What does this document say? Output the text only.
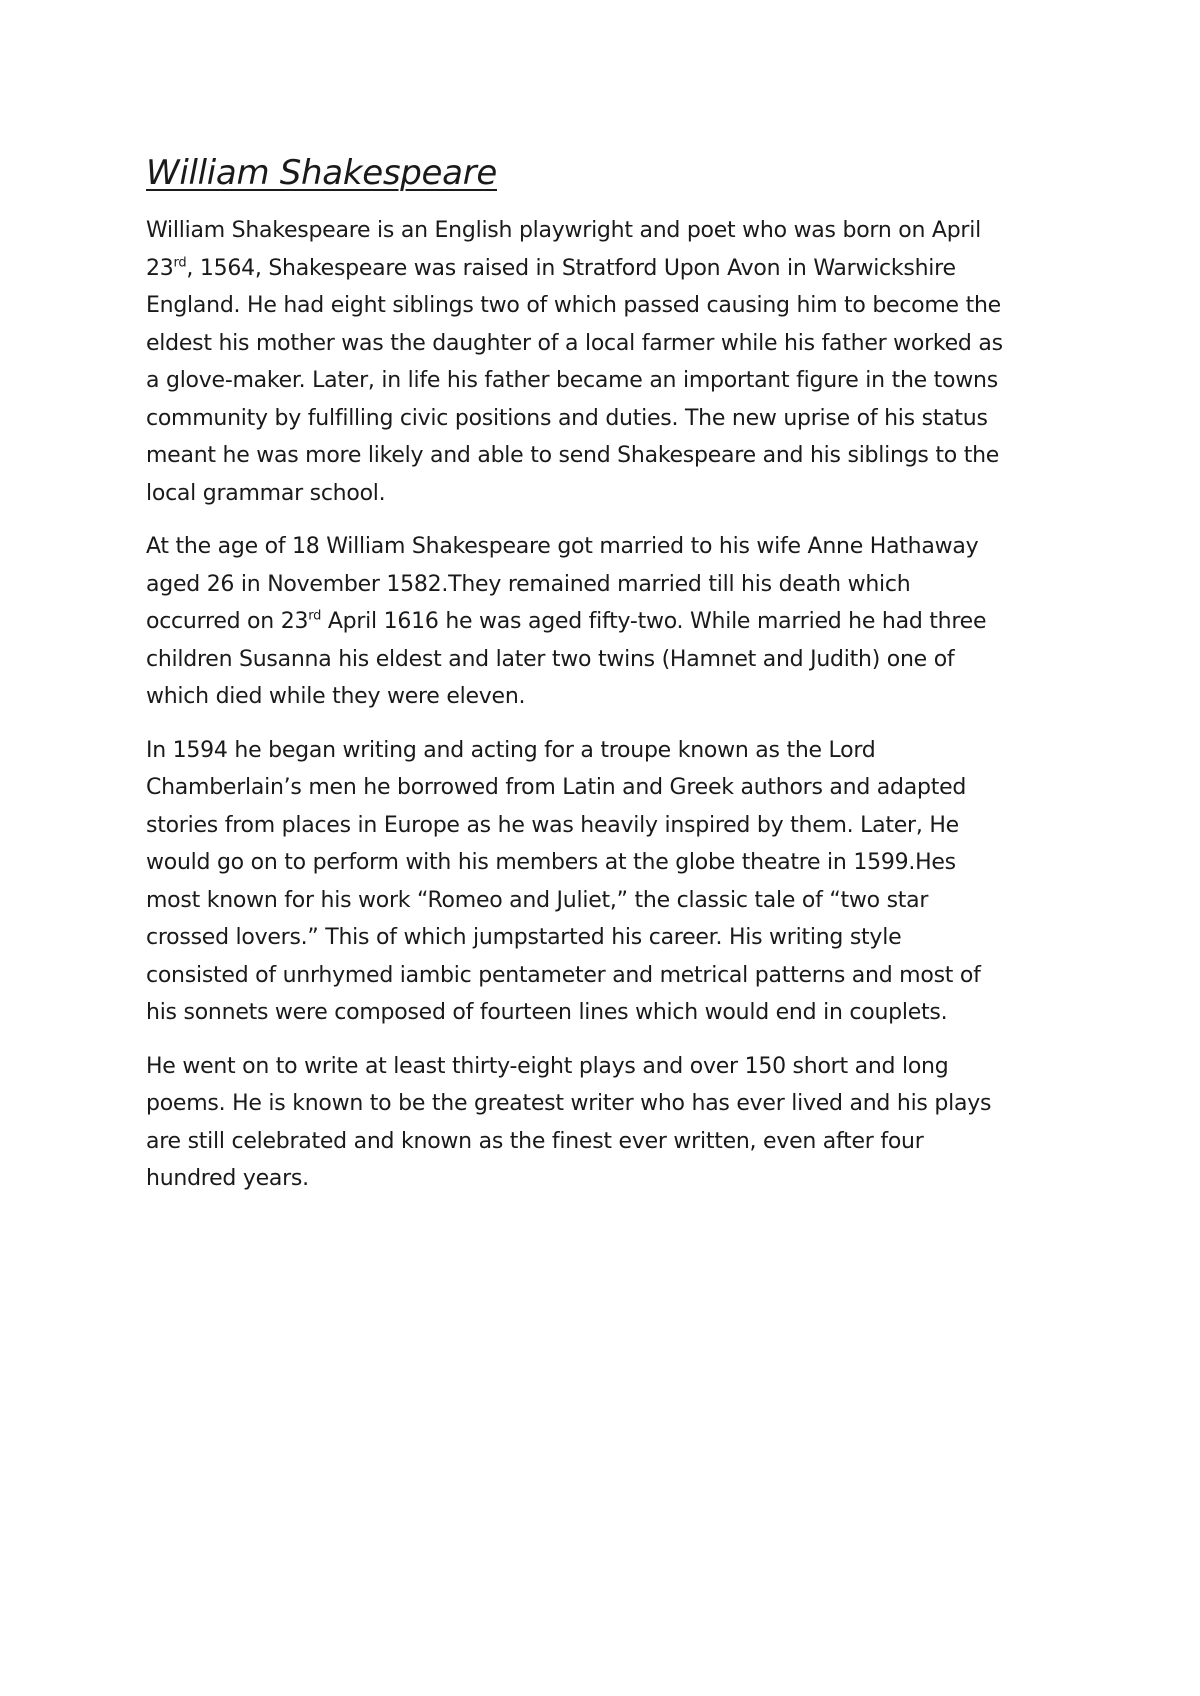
William Shakespeare

William Shakespeare is an English playwright and poet who was born on April
23rd, 1564, Shakespeare was raised in Stratford Upon Avon in Warwickshire
England. He had eight siblings two of which passed causing him to become the
eldest his mother was the daughter of a local farmer while his father worked as
a glove-maker. Later, in life his father became an important figure in the towns
community by fulfilling civic positions and duties. The new uprise of his status
meant he was more likely and able to send Shakespeare and his siblings to the
local grammar school.

At the age of 18 William Shakespeare got married to his wife Anne Hathaway
aged 26 in November 1582.They remained married till his death which
occurred on 23rd April 1616 he was aged fifty-two. While married he had three
children Susanna his eldest and later two twins (Hamnet and Judith) one of
which died while they were eleven.

In 1594 he began writing and acting for a troupe known as the Lord
Chamberlain’s men he borrowed from Latin and Greek authors and adapted
stories from places in Europe as he was heavily inspired by them. Later, He
would go on to perform with his members at the globe theatre in 1599.Hes
most known for his work “Romeo and Juliet,” the classic tale of “two star
crossed lovers.” This of which jumpstarted his career. His writing style
consisted of unrhymed iambic pentameter and metrical patterns and most of
his sonnets were composed of fourteen lines which would end in couplets.

He went on to write at least thirty-eight plays and over 150 short and long
poems. He is known to be the greatest writer who has ever lived and his plays
are still celebrated and known as the finest ever written, even after four
hundred years.
